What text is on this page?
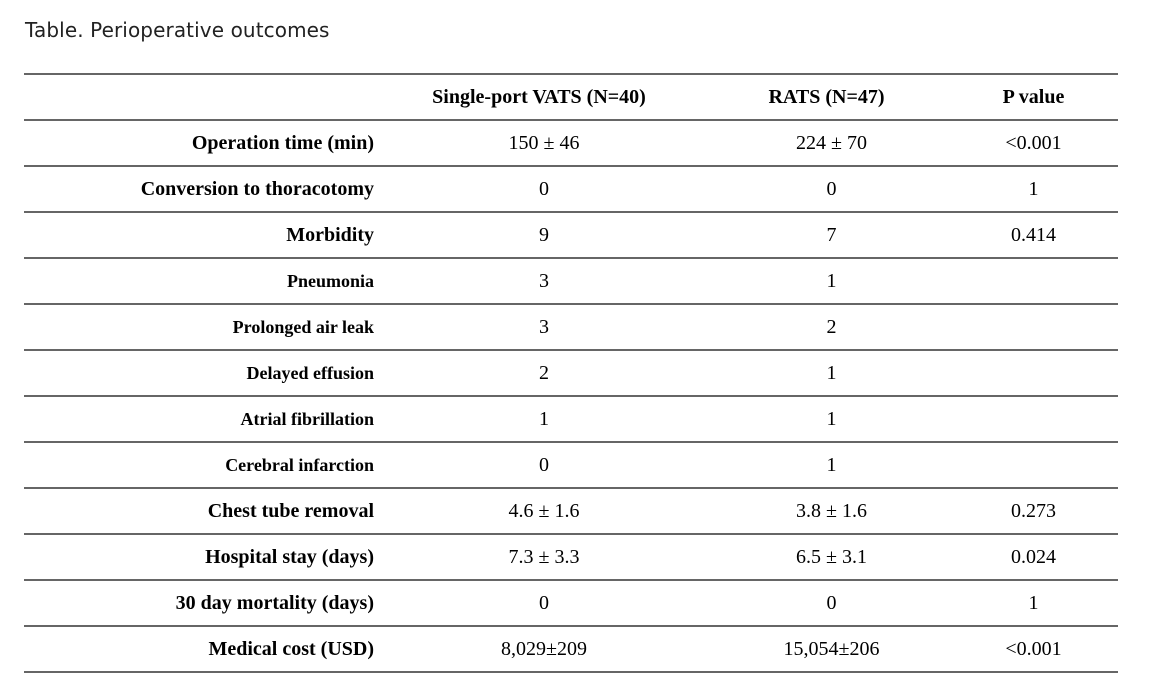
Table. Perioperative outcomes
	Single-port VATS (N=40)	RATS (N=47)	P value
Operation time (min)	150 ± 46	224 ± 70	<0.001
Conversion to thoracotomy	0	0	1
Morbidity	9	7	0.414
Pneumonia	3	1	
Prolonged air leak	3	2	
Delayed effusion	2	1	
Atrial fibrillation	1	1	
Cerebral infarction	0	1	
Chest tube removal	4.6 ± 1.6	3.8 ± 1.6	0.273
Hospital stay (days)	7.3 ± 3.3	6.5 ± 3.1	0.024
30 day mortality (days)	0	0	1
Medical cost (USD)	8,029±209	15,054±206	<0.001
